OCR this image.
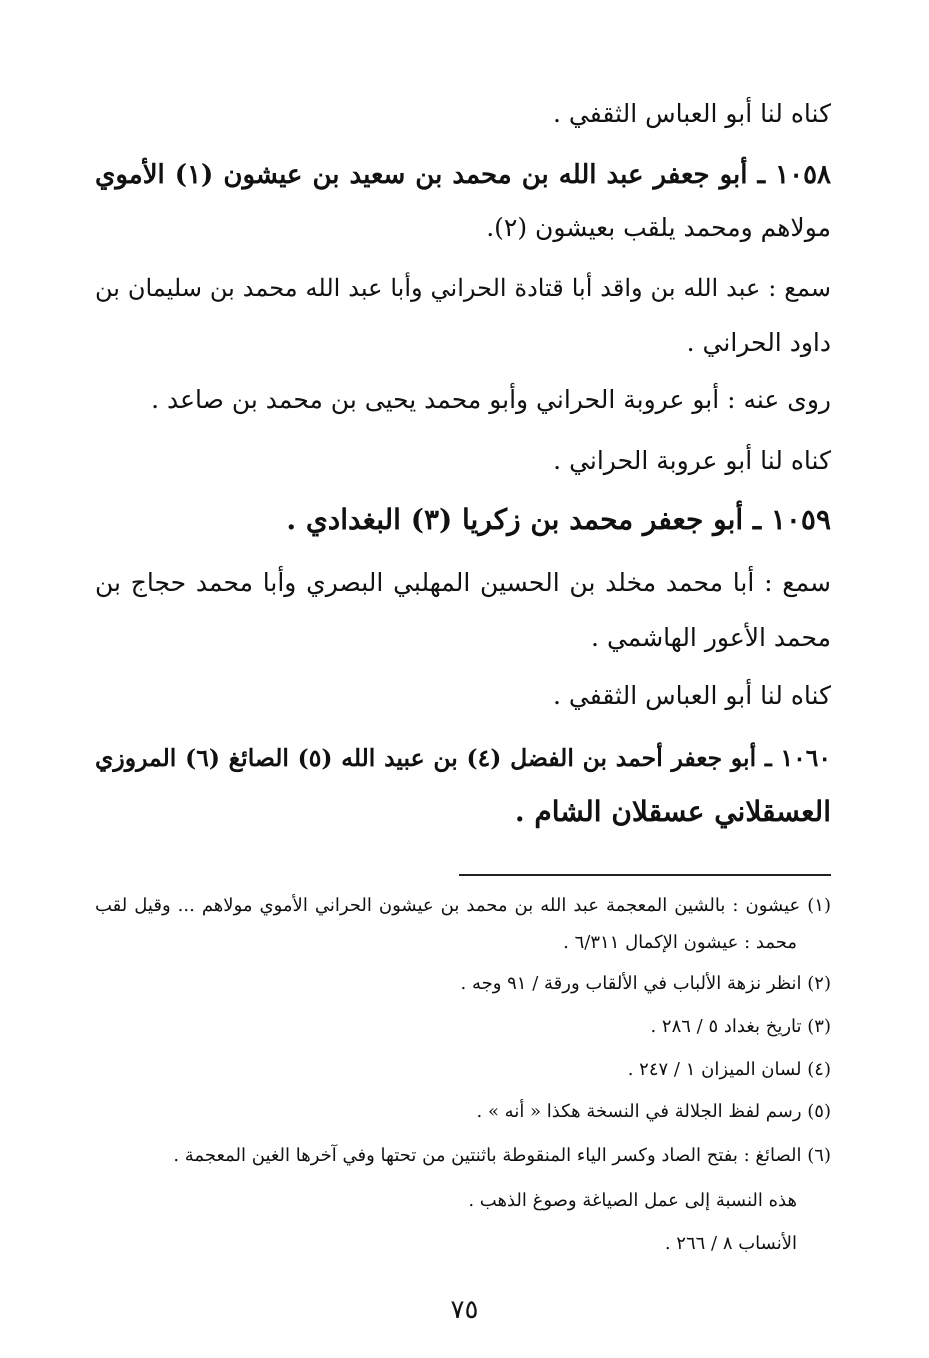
كناه لنا أبو العباس الثقفي .
١٠٥٨ ـ أبو جعفر عبد الله بن محمد بن سعيد بن عيشون (١) الأموي
مولاهم ومحمد يلقب بعيشون (٢).
سمع : عبد الله بن واقد أبا قتادة الحراني وأبا عبد الله محمد بن سليمان بن
داود الحراني .
روى عنه : أبو عروبة الحراني وأبو محمد يحيى بن محمد بن صاعد .
كناه لنا أبو عروبة الحراني .
١٠٥٩ ـ أبو جعفر محمد بن زكريا (٣) البغدادي .
سمع : أبا محمد مخلد بن الحسين المهلبي البصري وأبا محمد حجاج بن
محمد الأعور الهاشمي .
كناه لنا أبو العباس الثقفي .
١٠٦٠ ـ أبو جعفر أحمد بن الفضل (٤) بن عبيد الله (٥) الصائغ (٦) المروزي
العسقلاني عسقلان الشام .
(١) عيشون : بالشين المعجمة عبد الله بن محمد بن عيشون الحراني الأموي مولاهم ... وقيل لقب
محمد : عيشون الإكمال ٦/٣١١ .
(٢) انظر نزهة الألباب في الألقاب ورقة / ٩١ وجه .
(٣) تاريخ بغداد ٥ / ٢٨٦ .
(٤) لسان الميزان ١ / ٢٤٧ .
(٥) رسم لفظ الجلالة في النسخة هكذا « أنه » .
(٦) الصائغ : بفتح الصاد وكسر الياء المنقوطة باثنتين من تحتها وفي آخرها الغين المعجمة .
هذه النسبة إلى عمل الصياغة وصوغ الذهب .
الأنساب ٨ / ٢٦٦ .
٧٥
